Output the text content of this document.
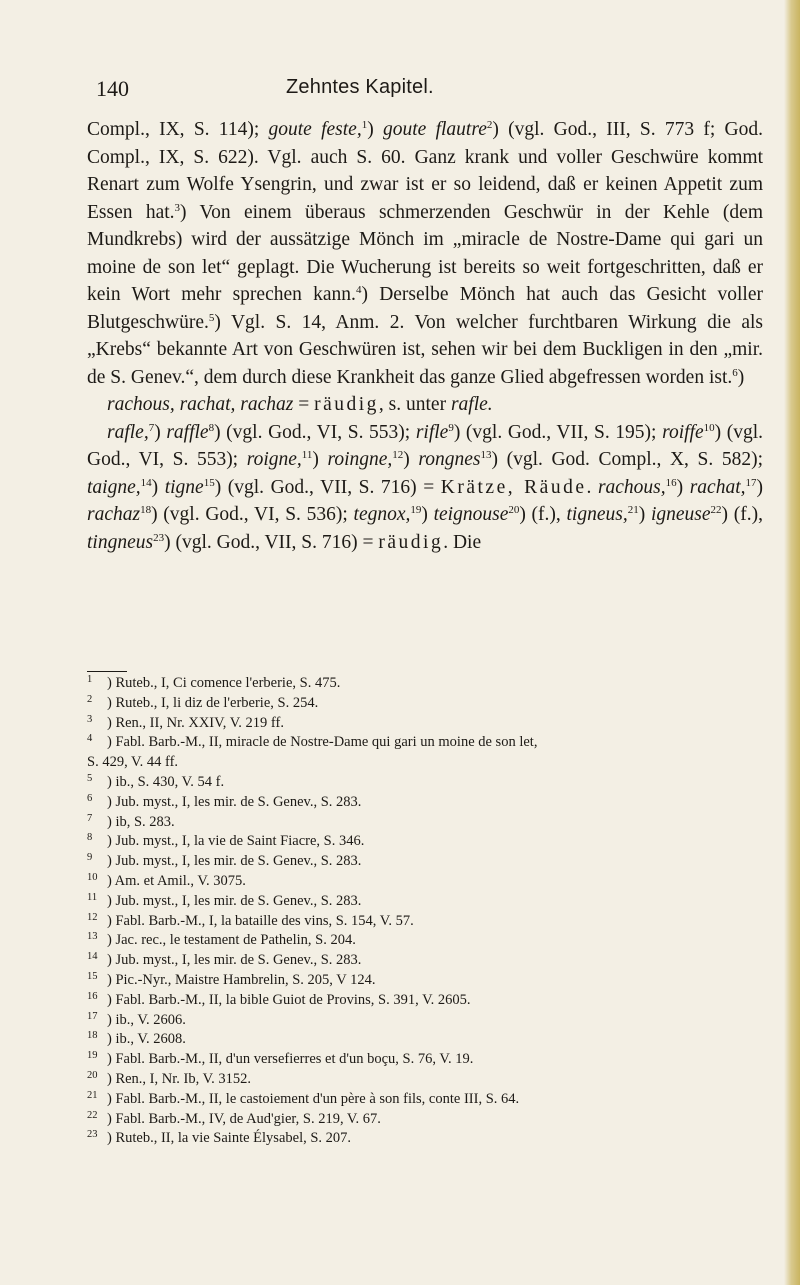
140	Zehntes Kapitel.

Compl., IX, S. 114); goute feste,$^1$) goute flautre$^2$) (vgl. God., III, S. 773 f; God. Compl., IX, S. 622). Vgl. auch S. 60. Ganz krank und voller Geschwüre kommt Renart zum Wolfe Ysengrin, und zwar ist er so leidend, daß er keinen Appetit zum Essen hat.$^3$) Von einem überaus schmerzenden Geschwür in der Kehle (dem Mundkrebs) wird der aussätzige Mönch im „miracle de Nostre-Dame qui gari un moine de son let“ geplagt. Die Wucherung ist bereits so weit fortgeschritten, daß er kein Wort mehr sprechen kann.$^4$) Derselbe Mönch hat auch das Gesicht voller Blutgeschwüre.$^5$) Vgl. S. 14, Anm. 2. Von welcher furchtbaren Wirkung die als „Krebs“ bekannte Art von Geschwüren ist, sehen wir bei dem Buckligen in den „mir. de S. Genev.“, dem durch diese Krankheit das ganze Glied abgefressen worden ist.$^6$)

rachous, rachat, rachaz = räudig, s. unter rafle.

rafle,$^7$) raffle$^8$) (vgl. God., VI, S. 553); rifle$^9$) (vgl. God., VII, S. 195); roiffe$^{10}$) (vgl. God., VI, S. 553); roigne,$^{11}$) roingne,$^{12}$) rongnes$^{13}$) (vgl. God. Compl., X, S. 582); taigne,$^{14}$) tigne$^{15}$) (vgl. God., VII, S. 716) = Krätze, Räude. rachous,$^{16}$) rachat,$^{17}$) rachaz$^{18}$) (vgl. God., VI, S. 536); tegnox,$^{19}$) teignouse$^{20}$) (f.), tigneus,$^{21}$) igneuse$^{22}$) (f.), tingneus$^{23}$) (vgl. God., VII, S. 716) = räudig. Die

1 ) Ruteb., I, Ci comence l'erberie, S. 475.
2 ) Ruteb., I, li diz de l'erberie, S. 254.
3 ) Ren., II, Nr. XXIV, V. 219 ff.
4 ) Fabl. Barb.-M., II, miracle de Nostre-Dame qui gari un moine de son let,
S. 429, V. 44 ff.
5 ) ib., S. 430, V. 54 f.
6 ) Jub. myst., I, les mir. de S. Genev., S. 283.
7 ) ib, S. 283.
8 ) Jub. myst., I, la vie de Saint Fiacre, S. 346.
9 ) Jub. myst., I, les mir. de S. Genev., S. 283.
10 ) Am. et Amil., V. 3075.
11 ) Jub. myst., I, les mir. de S. Genev., S. 283.
12 ) Fabl. Barb.-M., I, la bataille des vins, S. 154, V. 57.
13 ) Jac. rec., le testament de Pathelin, S. 204.
14 ) Jub. myst., I, les mir. de S. Genev., S. 283.
15 ) Pic.-Nyr., Maistre Hambrelin, S. 205, V 124.
16 ) Fabl. Barb.-M., II, la bible Guiot de Provins, S. 391, V. 2605.
17 ) ib., V. 2606.
18 ) ib., V. 2608.
19 ) Fabl. Barb.-M., II, d'un versefierres et d'un boçu, S. 76, V. 19.
20 ) Ren., I, Nr. Ib, V. 3152.
21 ) Fabl. Barb.-M., II, le castoiement d'un père à son fils, conte III, S. 64.
22 ) Fabl. Barb.-M., IV, de Aud'gier, S. 219, V. 67.
23 ) Ruteb., II, la vie Sainte Élysabel, S. 207.
